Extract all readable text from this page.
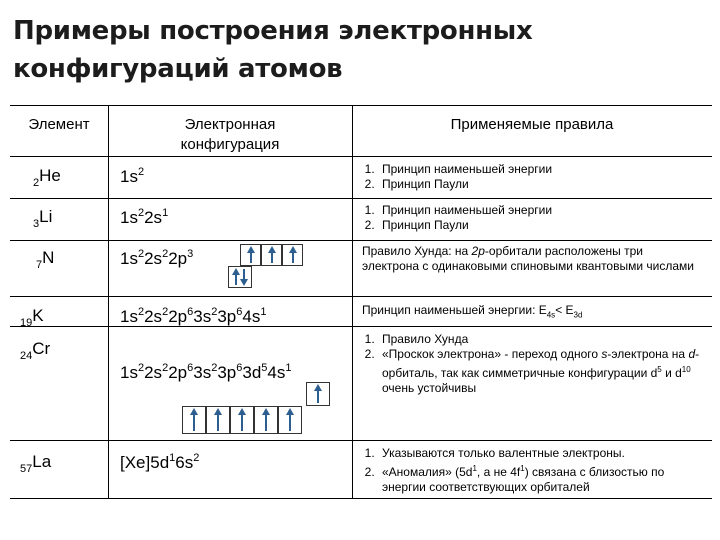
Примеры построения электронных конфигураций атомов
Элемент	Электронная конфигурация
Применяемые правила
$_2$He
$_3$Li
$_7$N
$_{19}$K
$_{24}$Cr
$_{57}$La
$1s^2$
$1s^22s^1$
$1s^22s^22p^3$
$1s^22s^22p^63s^23p^64s^1$
$1s^22s^22p^63s^23p^63d^54s^1$
$[Xe]5d^16s^2$
1. Принцип наименьшей энергии
2. Принцип Паули
1. Принцип наименьшей энергии
2. Принцип Паули
Правило Хунда: на 2p-орбитали расположены три электрона с одинаковыми спиновыми квантовыми числами
Принцип наименьшей энергии: $E_{4s}< E_{3d}$
1. Правило Хунда
2. «Проскок электрона» - переход одного s-электрона на d-орбиталь, так как симметричные конфигурации $d^5$ и $d^{10}$ очень устойчивы
1. Указываются только валентные электроны.
2. «Аномалия» ($5d^1$, а не $4f^1$) связана с близостью по энергии соответствующих орбиталей
